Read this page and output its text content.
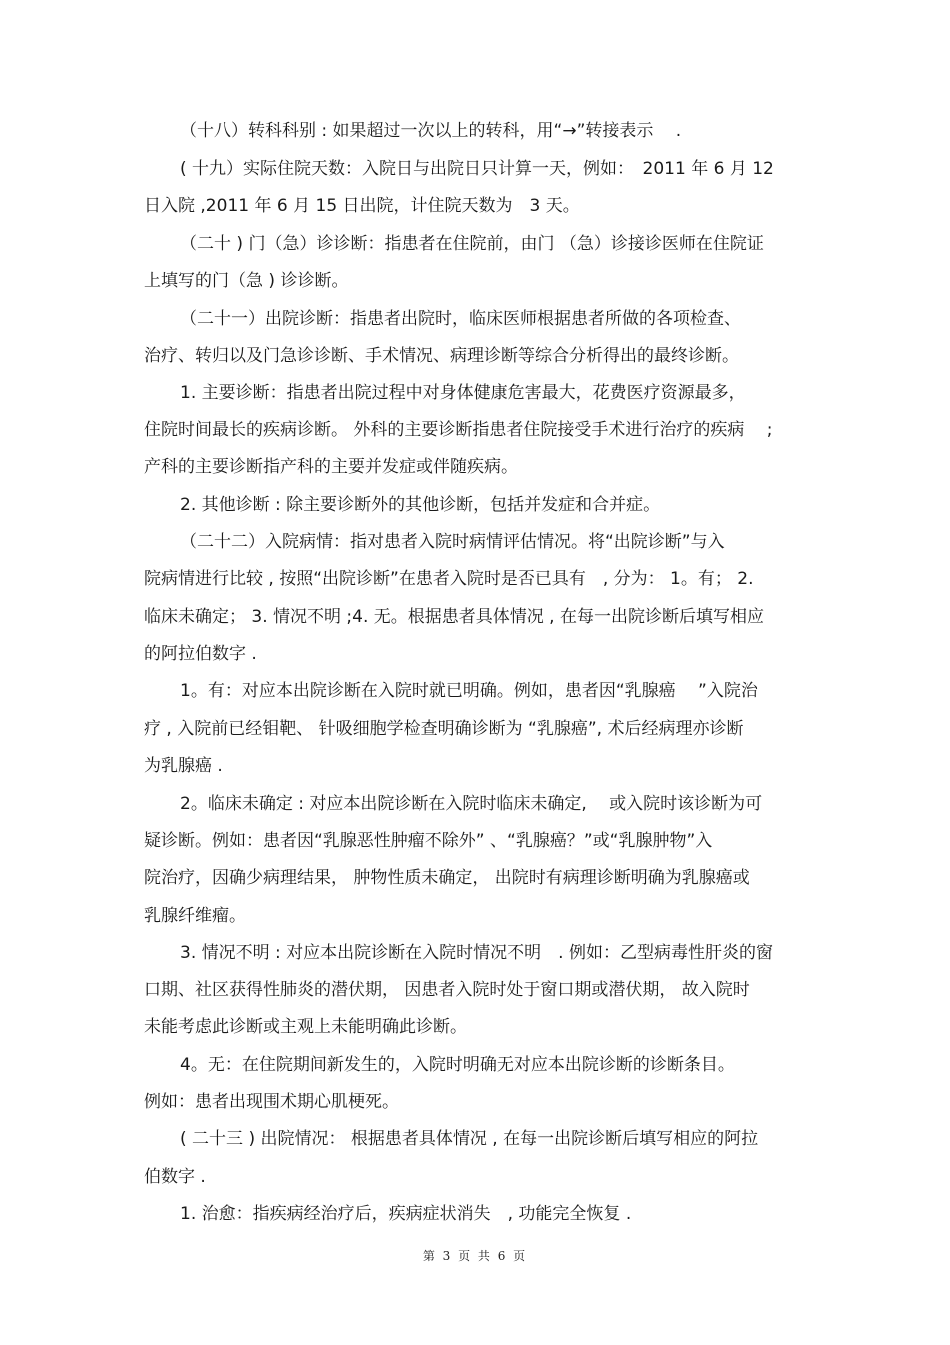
（十八）转科科别 : 如果超过一次以上的转科，用“→”转接表示　 .
( 十九）实际住院天数：入院日与出院日只计算一天，例如：　2011 年 6 月 12
日入院 ,2011 年 6 月 15 日出院，计住院天数为　3 天。
（二十 ) 门（急）诊诊断：指患者在住院前，由门 （急）诊接诊医师在住院证
上填写的门（急 ) 诊诊断。
（二十一）出院诊断：指患者出院时，临床医师根据患者所做的各项检查、
治疗、转归以及门急诊诊断、手术情况、病理诊断等综合分析得出的最终诊断。
1. 主要诊断：指患者出院过程中对身体健康危害最大，花费医疗资源最多，
住院时间最长的疾病诊断。 外科的主要诊断指患者住院接受手术进行治疗的疾病　 ;
产科的主要诊断指产科的主要并发症或伴随疾病。
2. 其他诊断 : 除主要诊断外的其他诊断，包括并发症和合并症。
（二十二）入院病情：指对患者入院时病情评估情况。将“出院诊断”与入
院病情进行比较 , 按照“出院诊断”在患者入院时是否已具有　, 分为： 1。有； 2.
临床未确定； 3. 情况不明 ;4. 无。根据患者具体情况 , 在每一出院诊断后填写相应
的阿拉伯数字 .
1。有：对应本出院诊断在入院时就已明确。例如，患者因“乳腺癌　 ”入院治
疗 , 入院前已经钼靶、 针吸细胞学检查明确诊断为 “乳腺癌”, 术后经病理亦诊断
为乳腺癌 .
2。临床未确定 : 对应本出院诊断在入院时临床未确定,　 或入院时该诊断为可
疑诊断。例如：患者因“乳腺恶性肿瘤不除外” 、“乳腺癌？”或“乳腺肿物”入
院治疗，因确少病理结果， 肿物性质未确定， 出院时有病理诊断明确为乳腺癌或
乳腺纤维瘤。
3. 情况不明 : 对应本出院诊断在入院时情况不明　. 例如：乙型病毒性肝炎的窗
口期、社区获得性肺炎的潜伏期， 因患者入院时处于窗口期或潜伏期， 故入院时
未能考虑此诊断或主观上未能明确此诊断。
4。无：在住院期间新发生的，入院时明确无对应本出院诊断的诊断条目。
例如：患者出现围术期心肌梗死。
( 二十三 ) 出院情况： 根据患者具体情况 , 在每一出院诊断后填写相应的阿拉
伯数字 .
1. 治愈：指疾病经治疗后，疾病症状消失　, 功能完全恢复 .
第 3 页 共 6 页
